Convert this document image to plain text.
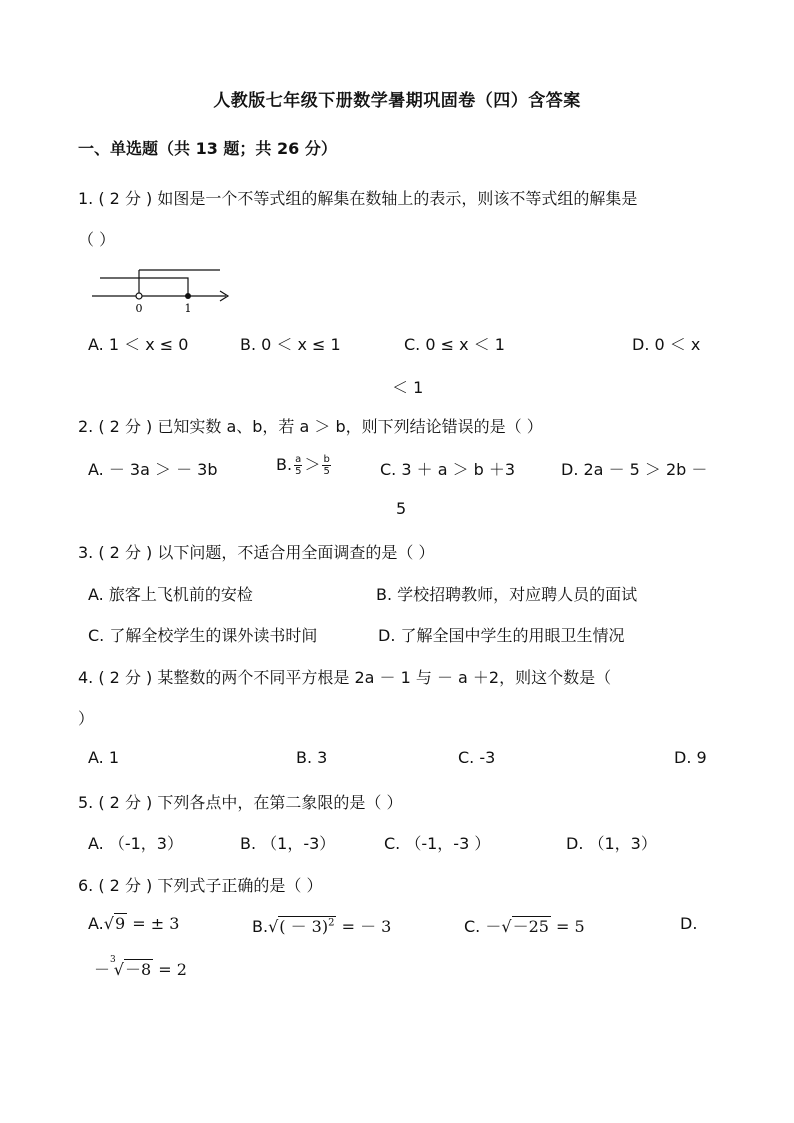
人教版七年级下册数学暑期巩固卷（四）含答案
一、单选题（共 13 题；共 26 分）
1. ( 2 分 ) 如图是一个不等式组的解集在数轴上的表示，则该不等式组的解集是
（ ）
0	1
A. 1 ＜ x ≤ 0	B. 0 ＜ x ≤ 1	C. 0 ≤ x ＜ 1	D. 0 ＜ x
＜ 1
2. ( 2 分 ) 已知实数 a、b，若 a ＞ b，则下列结论错误的是（ ）
A. － 3a ＞ － 3b	B. $\frac{a}{5} > \frac{b}{5}$	C. 3 ＋ a ＞ b ＋3	D. 2a － 5 ＞ 2b －
5
3. ( 2 分 ) 以下问题，不适合用全面调查的是（ ）
A. 旅客上飞机前的安检	B. 学校招聘教师，对应聘人员的面试
C. 了解全校学生的课外读书时间	D. 了解全国中学生的用眼卫生情况
4. ( 2 分 ) 某整数的两个不同平方根是 2a － 1 与 － a ＋2，则这个数是（
）
A. 1	B. 3	C. -3	D. 9
5. ( 2 分 ) 下列各点中，在第二象限的是（ ）
A. （-1，3）	B. （1，-3）	C. （-1，-3 ）	D. （1，3）
6. ( 2 分 ) 下列式子正确的是（ ）
A.√9 = ± 3	$B.√( - 3)^2$ = － 3	C. －√－25 = 5	D.
－$^3$√－8 = 2
